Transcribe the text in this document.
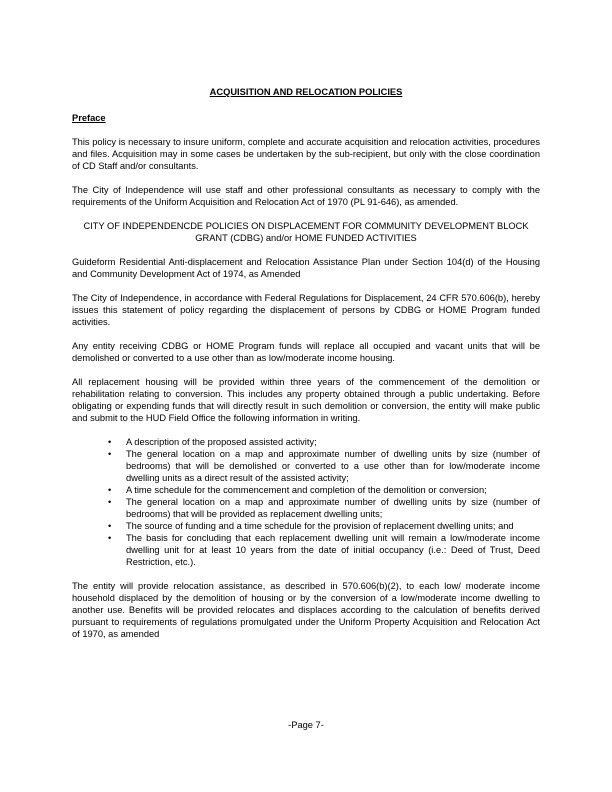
ACQUISITION AND RELOCATION POLICIES
Preface

This policy is necessary to insure uniform, complete and accurate acquisition and relocation activities, procedures and files. Acquisition may in some cases be undertaken by the sub-recipient, but only with the close coordination of CD Staff and/or consultants.

The City of Independence will use staff and other professional consultants as necessary to comply with the requirements of the Uniform Acquisition and Relocation Act of 1970 (PL 91-646), as amended.

CITY OF INDEPENDENCDE POLICIES ON DISPLACEMENT FOR COMMUNITY DEVELOPMENT BLOCK GRANT (CDBG) and/or HOME FUNDED ACTIVITIES

Guideform Residential Anti-displacement and Relocation Assistance Plan under Section 104(d) of the Housing and Community Development Act of 1974, as Amended

The City of Independence, in accordance with Federal Regulations for Displacement, 24 CFR 570.606(b), hereby issues this statement of policy regarding the displacement of persons by CDBG or HOME Program funded activities.

Any entity receiving CDBG or HOME Program funds will replace all occupied and vacant units that will be demolished or converted to a use other than as low/moderate income housing.

All replacement housing will be provided within three years of the commencement of the demolition or rehabilitation relating to conversion. This includes any property obtained through a public undertaking. Before obligating or expending funds that will directly result in such demolition or conversion, the entity will make public and submit to the HUD Field Office the following information in writing.

• A description of the proposed assisted activity;
• The general location on a map and approximate number of dwelling units by size (number of bedrooms) that will be demolished or converted to a use other than for low/moderate income dwelling units as a direct result of the assisted activity;
• A time schedule for the commencement and completion of the demolition or conversion;
• The general location on a map and approximate number of dwelling units by size (number of bedrooms) that will be provided as replacement dwelling units;
• The source of funding and a time schedule for the provision of replacement dwelling units; and
• The basis for concluding that each replacement dwelling unit will remain a low/moderate income dwelling unit for at least 10 years from the date of initial occupancy (i.e.: Deed of Trust, Deed Restriction, etc.).

The entity will provide relocation assistance, as described in 570.606(b)(2), to each low/ moderate income household displaced by the demolition of housing or by the conversion of a low/moderate income dwelling to another use. Benefits will be provided relocates and displaces according to the calculation of benefits derived pursuant to requirements of regulations promulgated under the Uniform Property Acquisition and Relocation Act of 1970, as amended

-Page 7-
